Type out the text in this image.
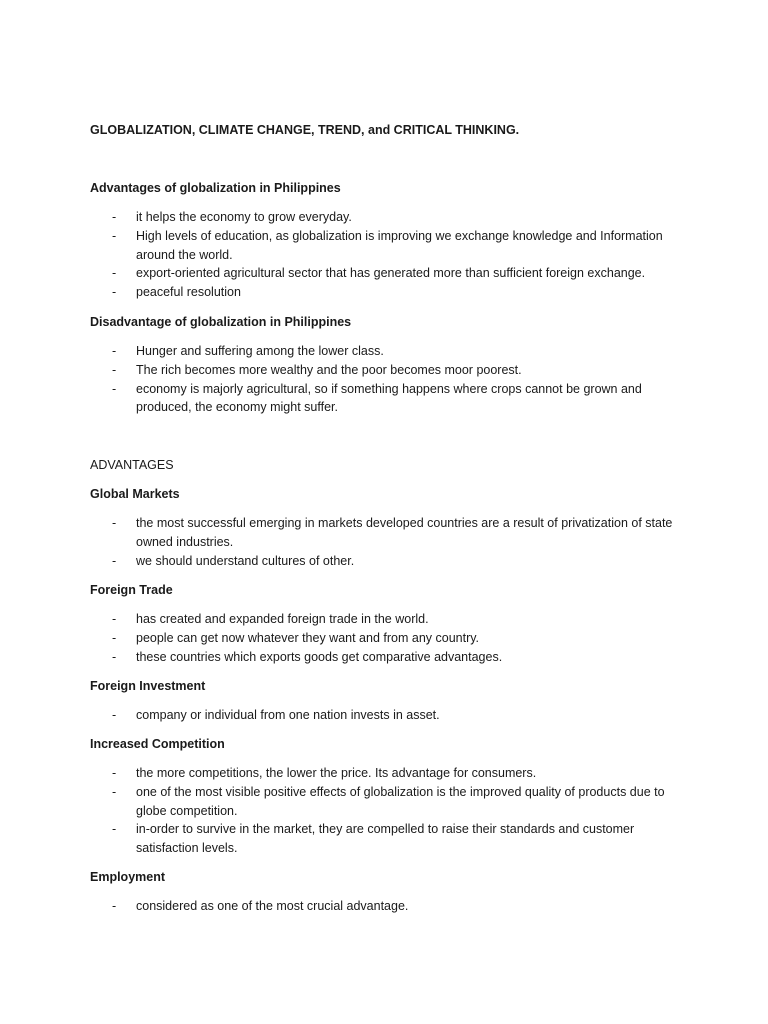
GLOBALIZATION, CLIMATE CHANGE, TREND, and CRITICAL THINKING.
Advantages of globalization in Philippines
- it helps the economy to grow everyday.
- High levels of education, as globalization is improving we exchange knowledge and Information around the world.
- export-oriented agricultural sector that has generated more than sufficient foreign exchange.
- peaceful resolution
Disadvantage of globalization in Philippines
- Hunger and suffering among the lower class.
- The rich becomes more wealthy and the poor becomes moor poorest.
- economy is majorly agricultural, so if something happens where crops cannot be grown and produced, the economy might suffer.
ADVANTAGES
Global Markets
- the most successful emerging in markets developed countries are a result of privatization of state owned industries.
- we should understand cultures of other.
Foreign Trade
- has created and expanded foreign trade in the world.
- people can get now whatever they want and from any country.
- these countries which exports goods get comparative advantages.
Foreign Investment
- company or individual from one nation invests in asset.
Increased Competition
- the more competitions, the lower the price. Its advantage for consumers.
- one of the most visible positive effects of globalization is the improved quality of products due to globe competition.
- in-order to survive in the market, they are compelled to raise their standards and customer satisfaction levels.
Employment
- considered as one of the most crucial advantage.
